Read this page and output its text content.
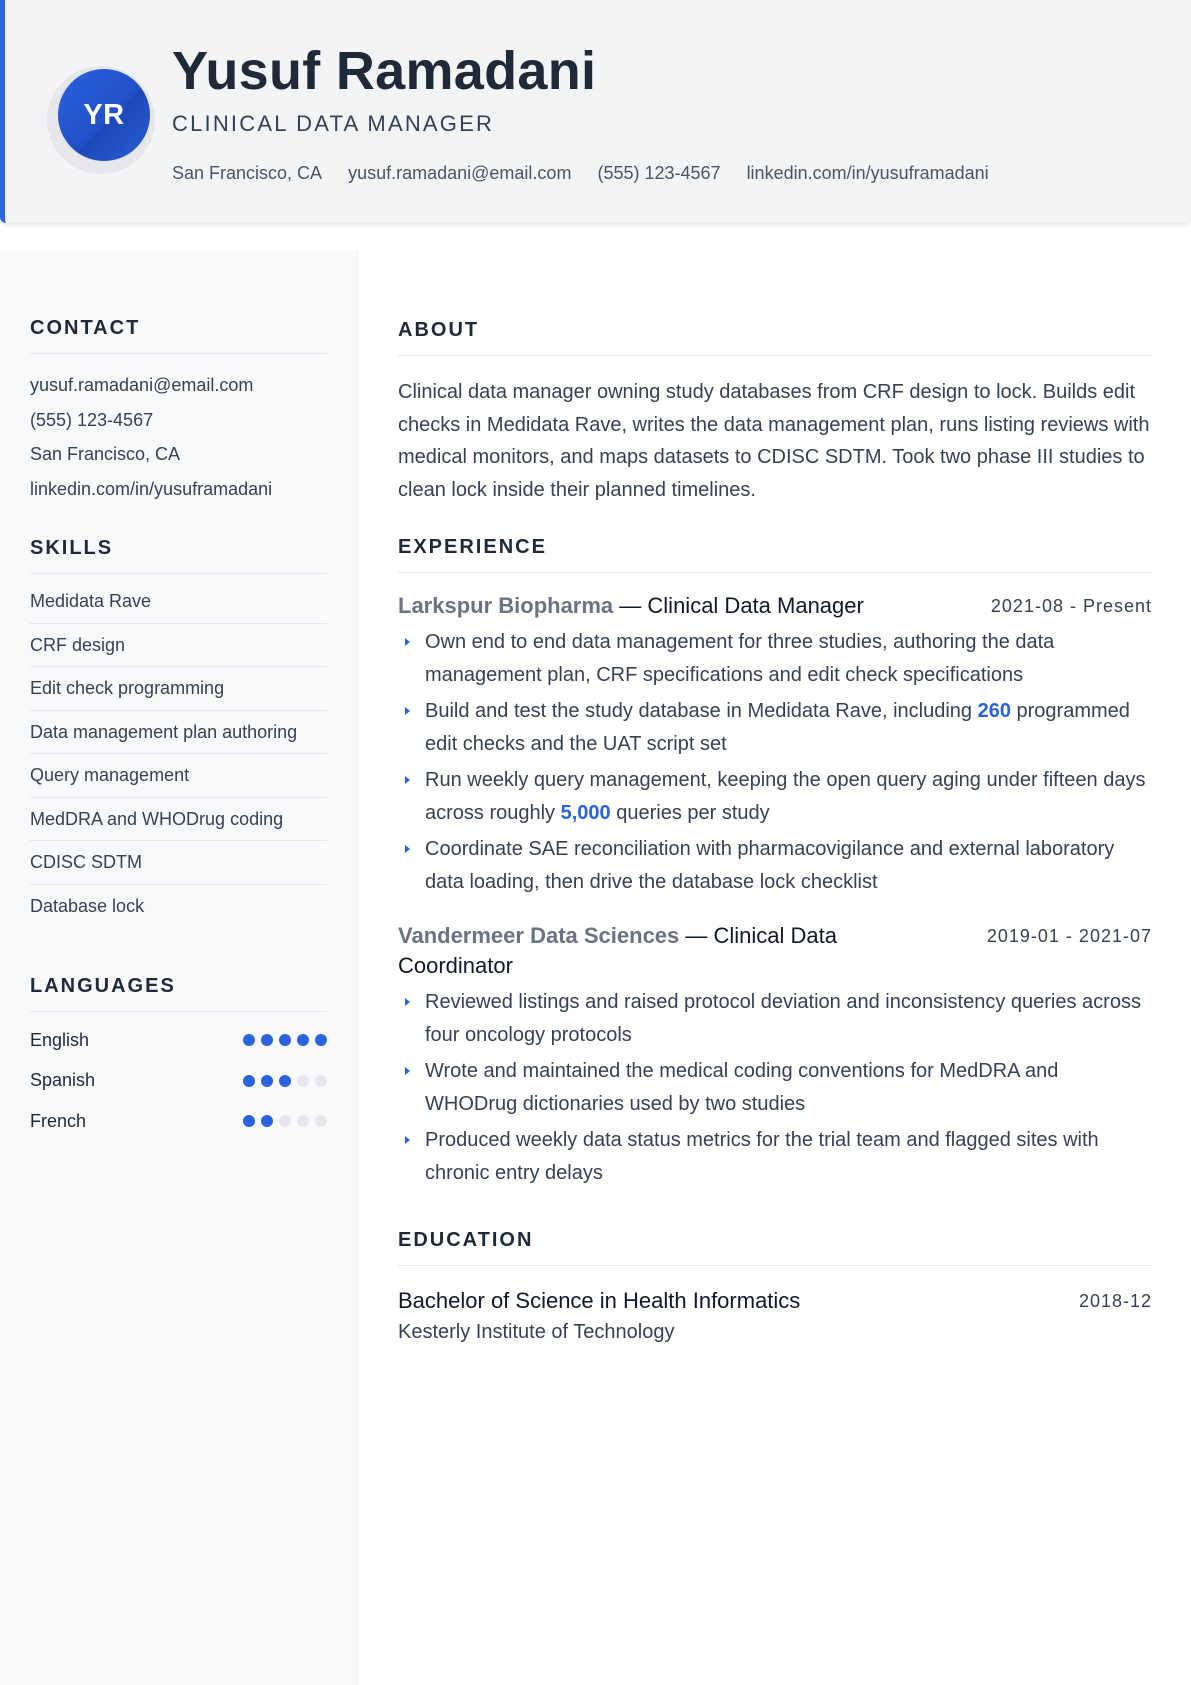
YR
Yusuf Ramadani
CLINICAL DATA MANAGER
San Francisco, CA yusuf.ramadani@email.com (555) 123-4567 linkedin.com/in/yusuframadani
CONTACT
yusuf.ramadani@email.com
(555) 123-4567
San Francisco, CA
linkedin.com/in/yusuframadani
SKILLS
Medidata Rave
CRF design
Edit check programming
Data management plan authoring
Query management
MedDRA and WHODrug coding
CDISC SDTM
Database lock
LANGUAGES
English
Spanish
French
ABOUT
Clinical data manager owning study databases from CRF design to lock. Builds edit checks in Medidata Rave, writes the data management plan, runs listing reviews with medical monitors, and maps datasets to CDISC SDTM. Took two phase III studies to clean lock inside their planned timelines.
EXPERIENCE
Larkspur Biopharma — Clinical Data Manager	2021-08 - Present
Own end to end data management for three studies, authoring the data management plan, CRF specifications and edit check specifications
Build and test the study database in Medidata Rave, including 260 programmed edit checks and the UAT script set
Run weekly query management, keeping the open query aging under fifteen days across roughly 5,000 queries per study
Coordinate SAE reconciliation with pharmacovigilance and external laboratory data loading, then drive the database lock checklist
Vandermeer Data Sciences — Clinical Data Coordinator
2019-01 - 2021-07
Reviewed listings and raised protocol deviation and inconsistency queries across four oncology protocols
Wrote and maintained the medical coding conventions for MedDRA and WHODrug dictionaries used by two studies
Produced weekly data status metrics for the trial team and flagged sites with chronic entry delays
EDUCATION
Bachelor of Science in Health Informatics	2018-12
Kesterly Institute of Technology
